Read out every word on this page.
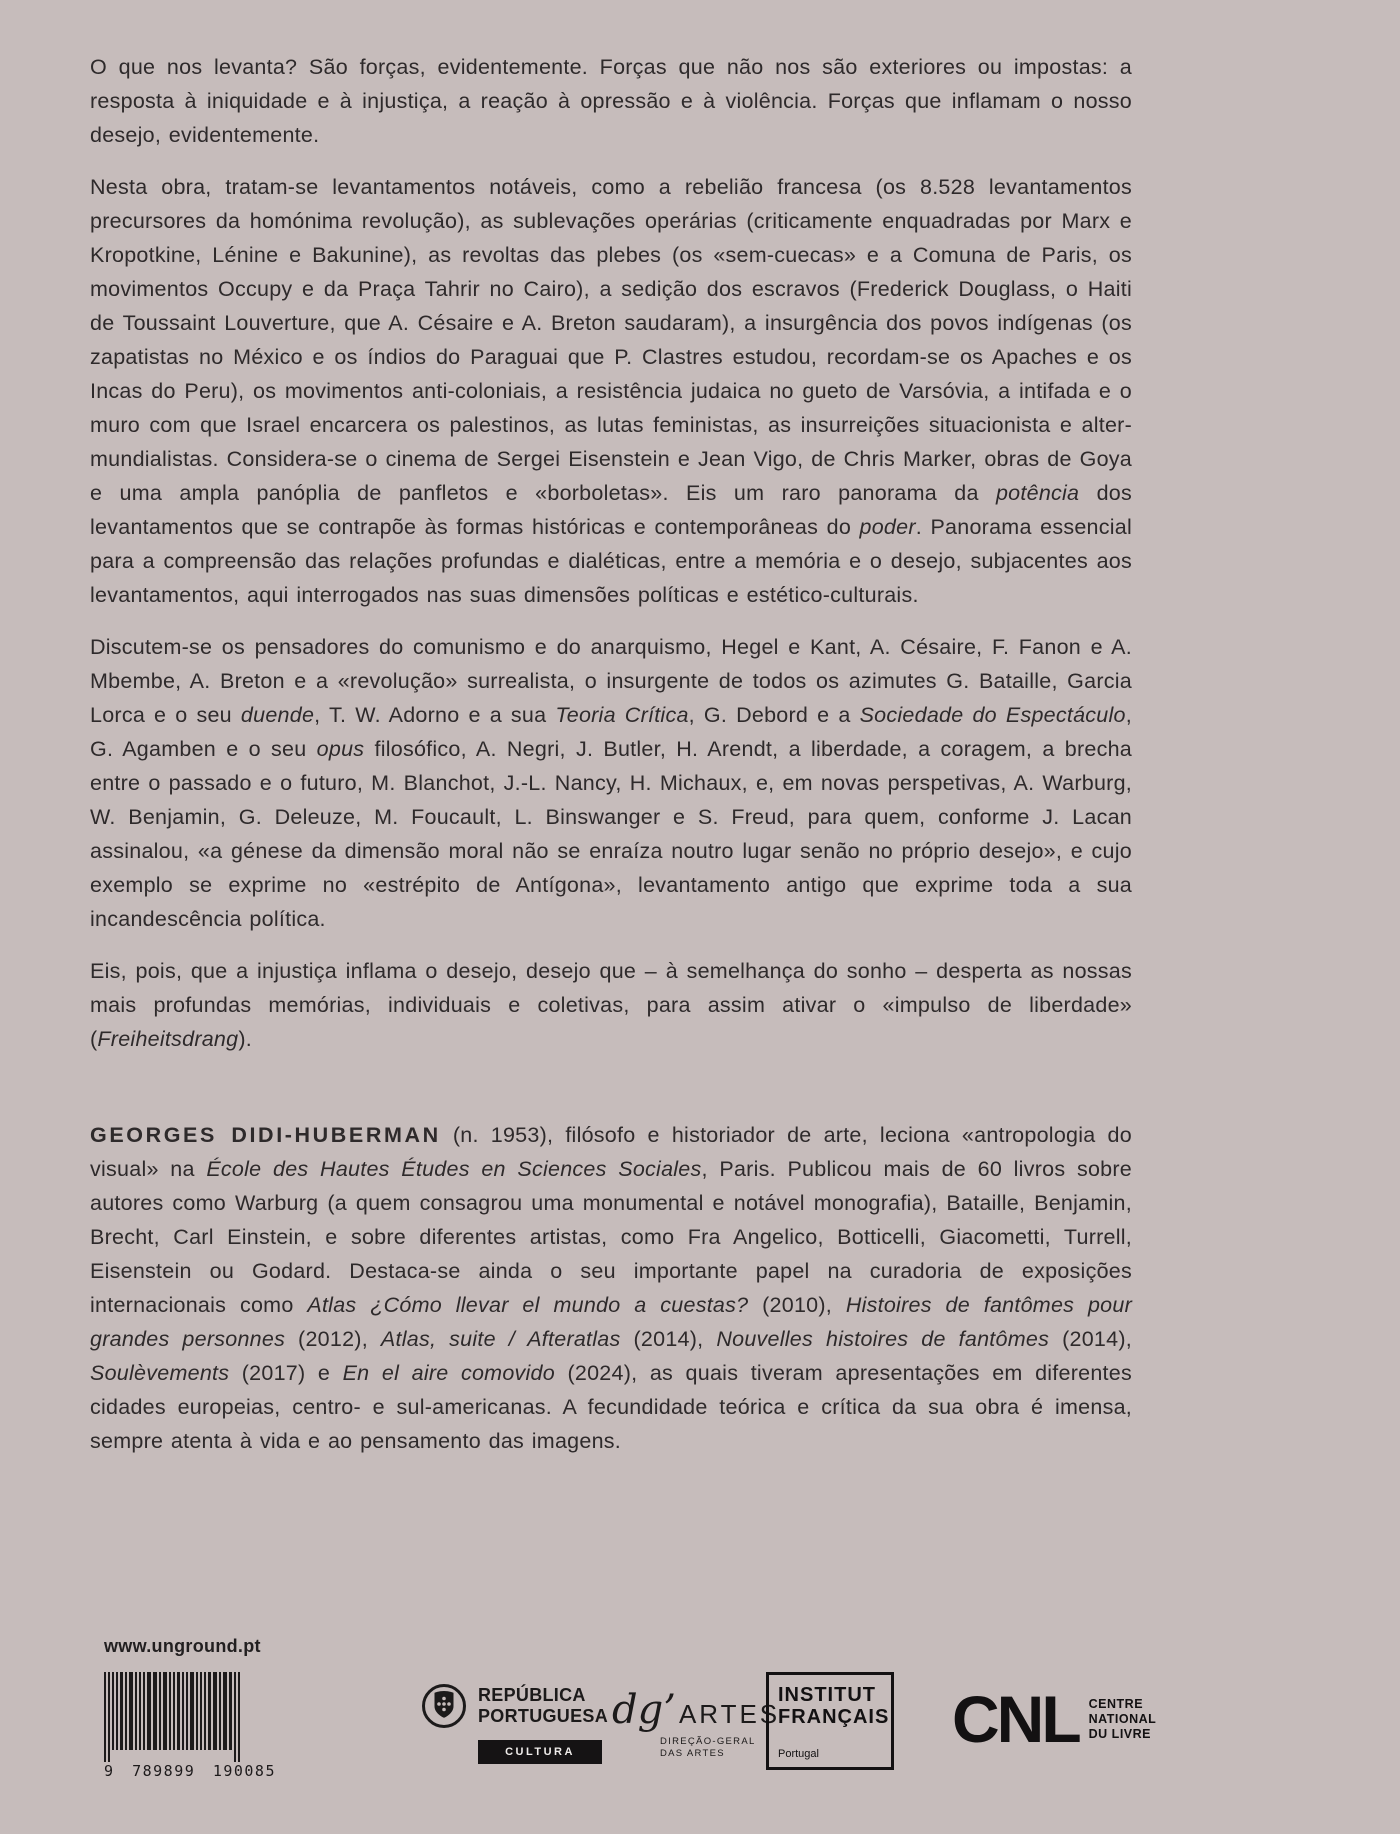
O que nos levanta? São forças, evidentemente. Forças que não nos são exteriores ou impostas: a resposta à iniquidade e à injustiça, a reação à opressão e à violência. Forças que inflamam o nosso desejo, evidentemente.

Nesta obra, tratam-se levantamentos notáveis, como a rebelião francesa (os 8.528 levantamentos precursores da homónima revolução), as sublevações operárias (criticamente enquadradas por Marx e Kropotkine, Lénine e Bakunine), as revoltas das plebes (os «sem-cuecas» e a Comuna de Paris, os movimentos Occupy e da Praça Tahrir no Cairo), a sedição dos escravos (Frederick Douglass, o Haiti de Toussaint Louverture, que A. Césaire e A. Breton saudaram), a insurgência dos povos indígenas (os zapatistas no México e os índios do Paraguai que P. Clastres estudou, recordam-se os Apaches e os Incas do Peru), os movimentos anti-coloniais, a resistência judaica no gueto de Varsóvia, a intifada e o muro com que Israel encarcera os palestinos, as lutas feministas, as insurreições situacionista e alter-mundialistas. Considera-se o cinema de Sergei Eisenstein e Jean Vigo, de Chris Marker, obras de Goya e uma ampla panóplia de panfletos e «borboletas». Eis um raro panorama da potência dos levantamentos que se contrapõe às formas históricas e contemporâneas do poder. Panorama essencial para a compreensão das relações profundas e dialéticas, entre a memória e o desejo, subjacentes aos levantamentos, aqui interrogados nas suas dimensões políticas e estético-culturais.

Discutem-se os pensadores do comunismo e do anarquismo, Hegel e Kant, A. Césaire, F. Fanon e A. Mbembe, A. Breton e a «revolução» surrealista, o insurgente de todos os azimutes G. Bataille, Garcia Lorca e o seu duende, T. W. Adorno e a sua Teoria Crítica, G. Debord e a Sociedade do Espectáculo, G. Agamben e o seu opus filosófico, A. Negri, J. Butler, H. Arendt, a liberdade, a coragem, a brecha entre o passado e o futuro, M. Blanchot, J.-L. Nancy, H. Michaux, e, em novas perspetivas, A. Warburg, W. Benjamin, G. Deleuze, M. Foucault, L. Binswanger e S. Freud, para quem, conforme J. Lacan assinalou, «a génese da dimensão moral não se enraíza noutro lugar senão no próprio desejo», e cujo exemplo se exprime no «estrépito de Antígona», levantamento antigo que exprime toda a sua incandescência política.

Eis, pois, que a injustiça inflama o desejo, desejo que – à semelhança do sonho – desperta as nossas mais profundas memórias, individuais e coletivas, para assim ativar o «impulso de liberdade» (Freiheitsdrang).

GEORGES DIDI-HUBERMAN (n. 1953), filósofo e historiador de arte, leciona «antropologia do visual» na École des Hautes Études en Sciences Sociales, Paris. Publicou mais de 60 livros sobre autores como Warburg (a quem consagrou uma monumental e notável monografia), Bataille, Benjamin, Brecht, Carl Einstein, e sobre diferentes artistas, como Fra Angelico, Botticelli, Giacometti, Turrell, Eisenstein ou Godard. Destaca-se ainda o seu importante papel na curadoria de exposições internacionais como Atlas ¿Cómo llevar el mundo a cuestas? (2010), Histoires de fantômes pour grandes personnes (2012), Atlas, suite / Afteratlas (2014), Nouvelles histoires de fantômes (2014), Soulèvements (2017) e En el aire comovido (2024), as quais tiveram apresentações em diferentes cidades europeias, centro- e sul-americanas. A fecundidade teórica e crítica da sua obra é imensa, sempre atenta à vida e ao pensamento das imagens.

www.unground.pt
9 789899 190085
REPÚBLICA
PORTUGUESA
CULTURA
dg’ ARTES
DIREÇÃO-GERAL
DAS ARTES
INSTITUT
FRANÇAIS
Portugal	CNL CENTRE
NATIONAL
DU LIVRE
